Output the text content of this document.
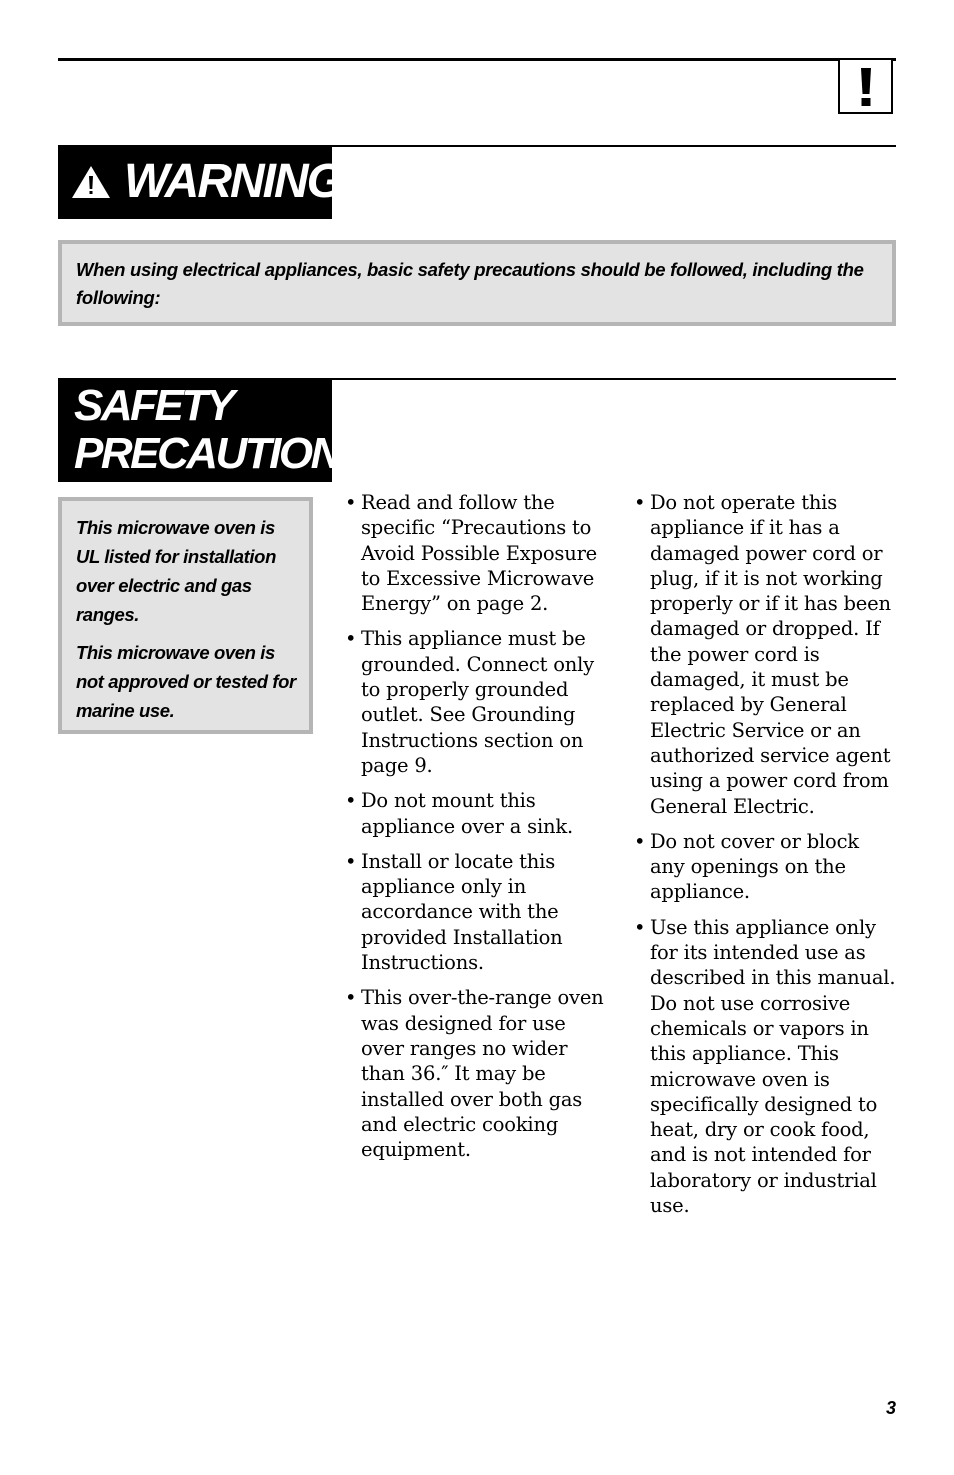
WARNING
When using electrical appliances, basic safety precautions should be followed, including the following:
SAFETY
PRECAUTIONS
This microwave oven is UL listed for installation over electric and gas ranges.
This microwave oven is not approved or tested for marine use.
• Read and follow the specific “Precautions to Avoid Possible Exposure to Excessive Microwave Energy” on page 2.
• This appliance must be grounded. Connect only to properly grounded outlet. See Grounding Instructions section on page 9.
• Do not mount this appliance over a sink.
• Install or locate this appliance only in accordance with the provided Installation Instructions.
• This over-the-range oven was designed for use over ranges no wider than 36.″ It may be installed over both gas and electric cooking equipment.
• Do not operate this appliance if it has a damaged power cord or plug, if it is not working properly or if it has been damaged or dropped. If the power cord is damaged, it must be replaced by General Electric Service or an authorized service agent using a power cord from General Electric.
• Do not cover or block any openings on the appliance.
• Use this appliance only for its intended use as described in this manual. Do not use corrosive chemicals or vapors in this appliance. This microwave oven is specifically designed to heat, dry or cook food, and is not intended for laboratory or industrial use.
3
